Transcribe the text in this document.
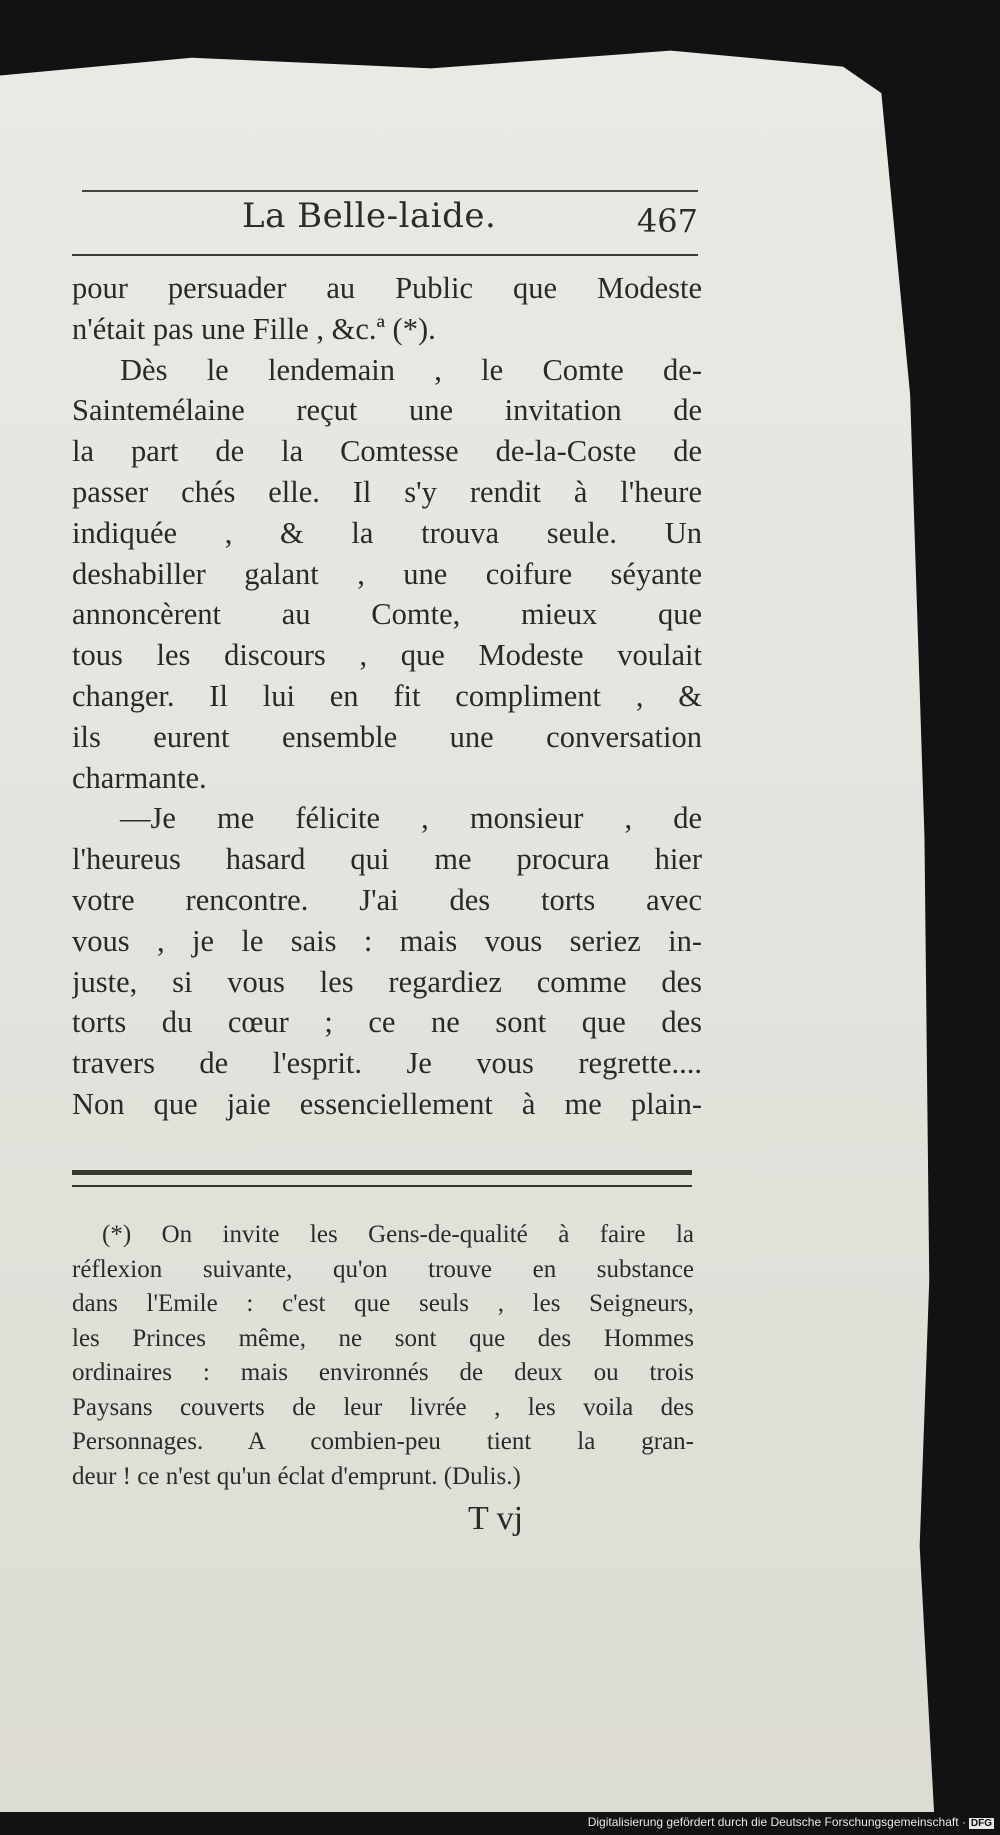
La Belle-laide.	467
pour persuader au Public que Modeste
n'était pas une Fille , &c.ª (*).
Dès le lendemain , le Comte de-
Saintemélaine reçut une invitation de
la part de la Comtesse de-la-Coste de
passer chés elle. Il s'y rendit à l'heure
indiquée , & la trouva seule. Un
deshabiller galant , une coifure séyante
annoncèrent au Comte, mieux que
tous les discours , que Modeste voulait
changer. Il lui en fit compliment , &
ils eurent ensemble une conversation
charmante.
—Je me félicite , monsieur , de
l'heureus hasard qui me procura hier
votre rencontre. J'ai des torts avec
vous , je le sais : mais vous seriez in-
juste, si vous les regardiez comme des
torts du cœur ; ce ne sont que des
travers de l'esprit. Je vous regrette....
Non que jaie essenciellement à me plain-
(*) On invite les Gens-de-qualité à faire la
réflexion suivante, qu'on trouve en substance
dans l'Emile : c'est que seuls , les Seigneurs,
les Princes même, ne sont que des Hommes
ordinaires : mais environnés de deux ou trois
Paysans couverts de leur livrée , les voila des
Personnages. A combien-peu tient la gran-
deur ! ce n'est qu'un éclat d'emprunt. (Dulis.)
T vj
Digitalisierung gefördert durch die Deutsche Forschungsgemeinschaft · DFG
